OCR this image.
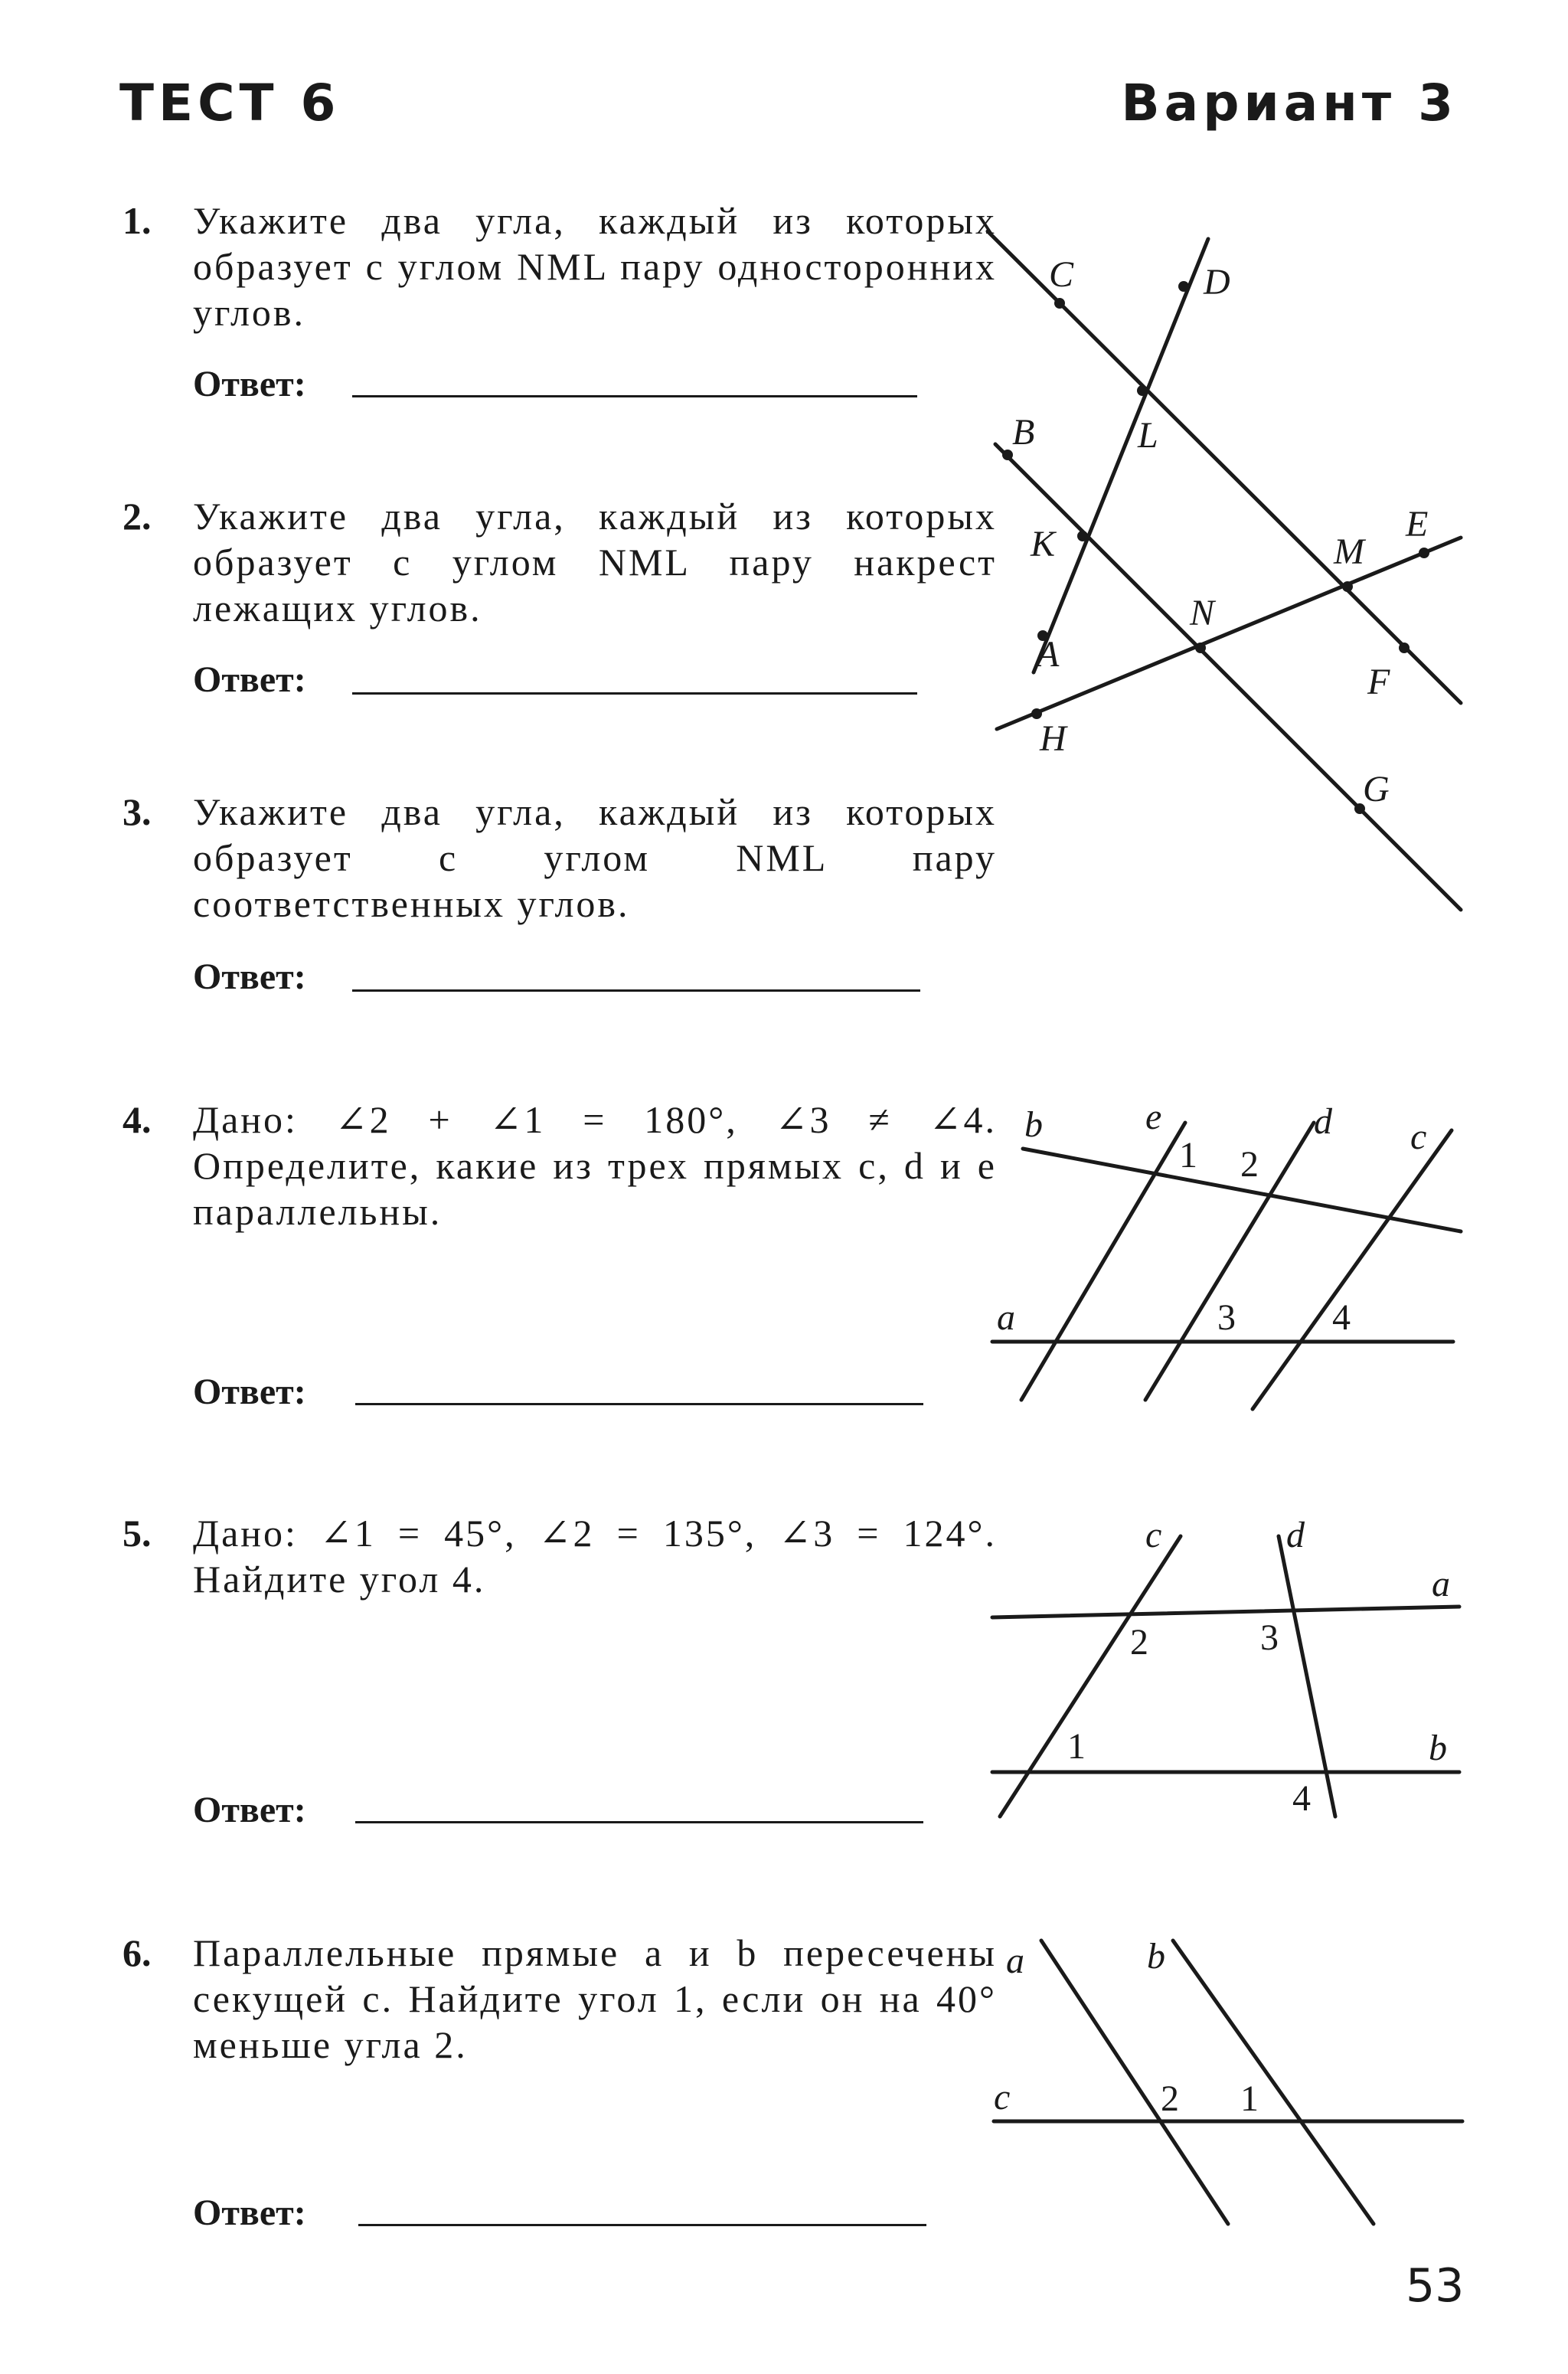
ТЕСТ 6	Вариант 3
1. Укажите два угла, каждый из которых образует с углом NML пару односторонних углов.
Ответ:
2. Укажите два угла, каждый из которых образует с углом NML пару накрест лежащих углов.
Ответ:
3. Укажите два угла, каждый из которых образует с углом NML пару соответственных углов.
Ответ:
4. Дано: ∠2 + ∠1 = 180°, ∠3 ≠ ∠4. Определите, какие из трех прямых c, d и e параллельны.
Ответ:
5. Дано: ∠1 = 45°, ∠2 = 135°, ∠3 = 124°. Найдите угол 4.
Ответ:
6. Параллельные прямые a и b пересечены секущей c. Найдите угол 1, если он на 40° меньше угла 2.
Ответ:
C	D
L
B
K	M
E
N
A
F
H
G
b	e	d c
a
1 2
3	4
c	d
a
b
2	3
1
4
a	b
c	2 1
53
